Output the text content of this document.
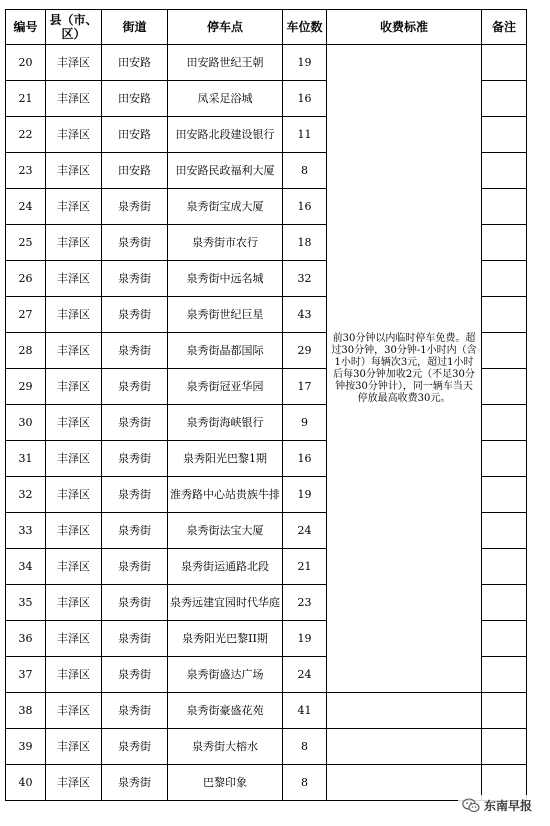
编号	县（市、区）	街道	停车点	车位数	收费标准	备注
20	丰泽区	田安路	田安路世纪王朝	19	前30分钟以内临时停车免费。超过30分钟，30分钟-1小时内（含1小时）每辆次3元，超过1小时后每30分钟加收2元（不足30分钟按30分钟计），同一辆车当天停放最高收费30元。	
21	丰泽区	田安路	凤采足浴城	16		
22	丰泽区	田安路	田安路北段建设银行	11		
23	丰泽区	田安路	田安路民政福利大厦	8		
24	丰泽区	泉秀街	泉秀街宝成大厦	16		
25	丰泽区	泉秀街	泉秀街市农行	18		
26	丰泽区	泉秀街	泉秀街中远名城	32		
27	丰泽区	泉秀街	泉秀街世纪巨星	43		
28	丰泽区	泉秀街	泉秀街晶都国际	29		
29	丰泽区	泉秀街	泉秀街冠亚华园	17		
30	丰泽区	泉秀街	泉秀街海峡银行	9		
31	丰泽区	泉秀街	泉秀阳光巴黎1期	16		
32	丰泽区	泉秀街	淮秀路中心站贵族牛排	19		
33	丰泽区	泉秀街	泉秀街法宝大厦	24		
34	丰泽区	泉秀街	泉秀街运通路北段	21		
35	丰泽区	泉秀街	泉秀远建宜园时代华庭	23		
36	丰泽区	泉秀街	泉秀阳光巴黎II期	19		
37	丰泽区	泉秀街	泉秀街盛达广场	24		
38	丰泽区	泉秀街	泉秀街豪盛花苑	41		
39	丰泽区	泉秀街	泉秀街大榕水	8		
40	丰泽区	泉秀街	巴黎印象	8		
东南早报
